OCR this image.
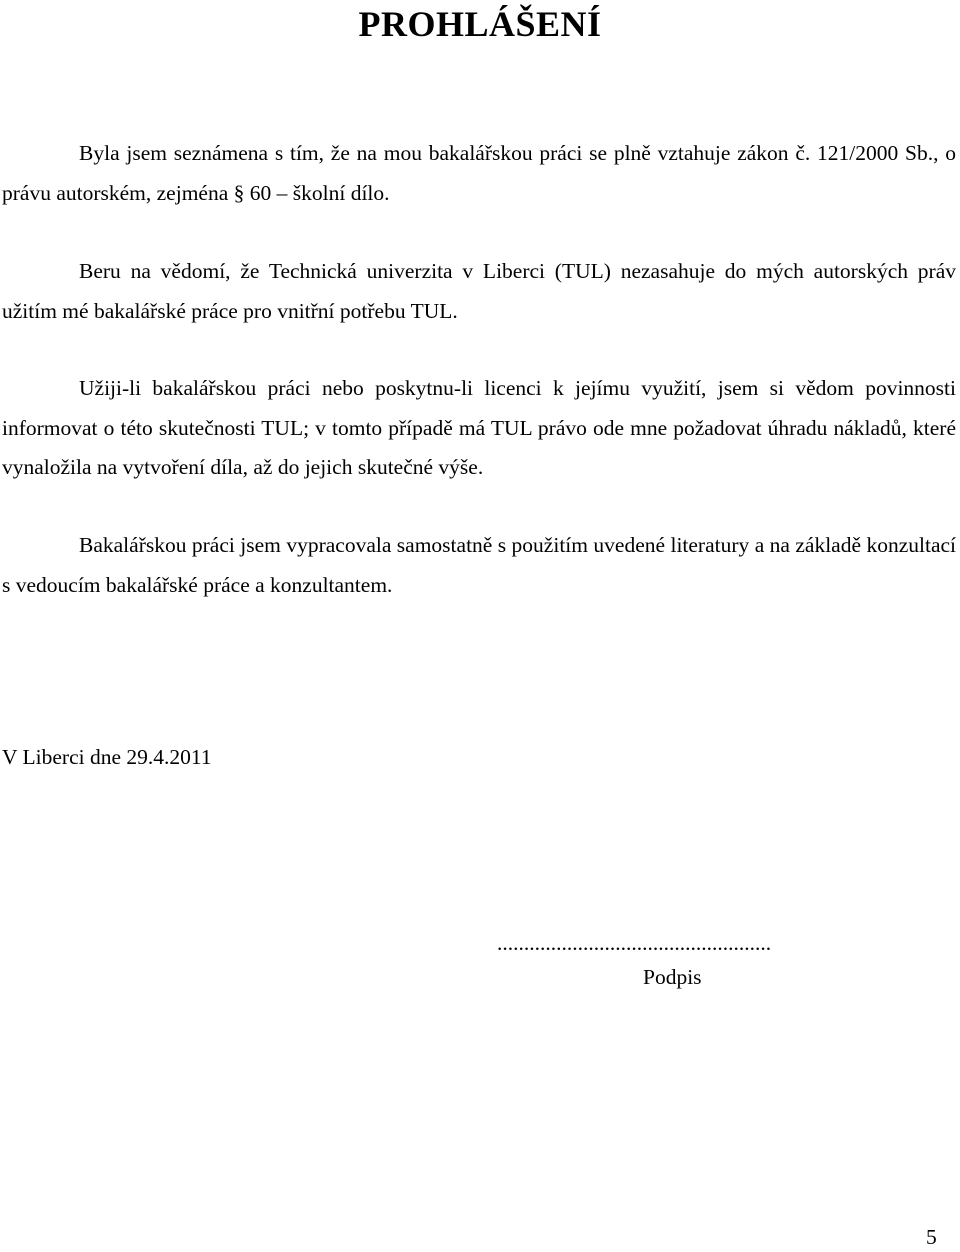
PROHLÁŠENÍ

Byla jsem seznámena s tím, že na mou bakalářskou práci se plně vztahuje zákon č. 121/2000 Sb., o právu autorském, zejména § 60 – školní dílo.

Beru na vědomí, že Technická univerzita v Liberci (TUL) nezasahuje do mých autorských práv užitím mé bakalářské práce pro vnitřní potřebu TUL.

Užiji-li bakalářskou práci nebo poskytnu-li licenci k jejímu využití, jsem si vědom povinnosti informovat o této skutečnosti TUL; v tomto případě má TUL právo ode mne požadovat úhradu nákladů, které vynaložila na vytvoření díla, až do jejich skutečné výše.

Bakalářskou práci jsem vypracovala samostatně s použitím uvedené literatury a na základě konzultací s vedoucím bakalářské práce a konzultantem.

V Liberci dne 29.4.2011
...................................................
Podpis
5
